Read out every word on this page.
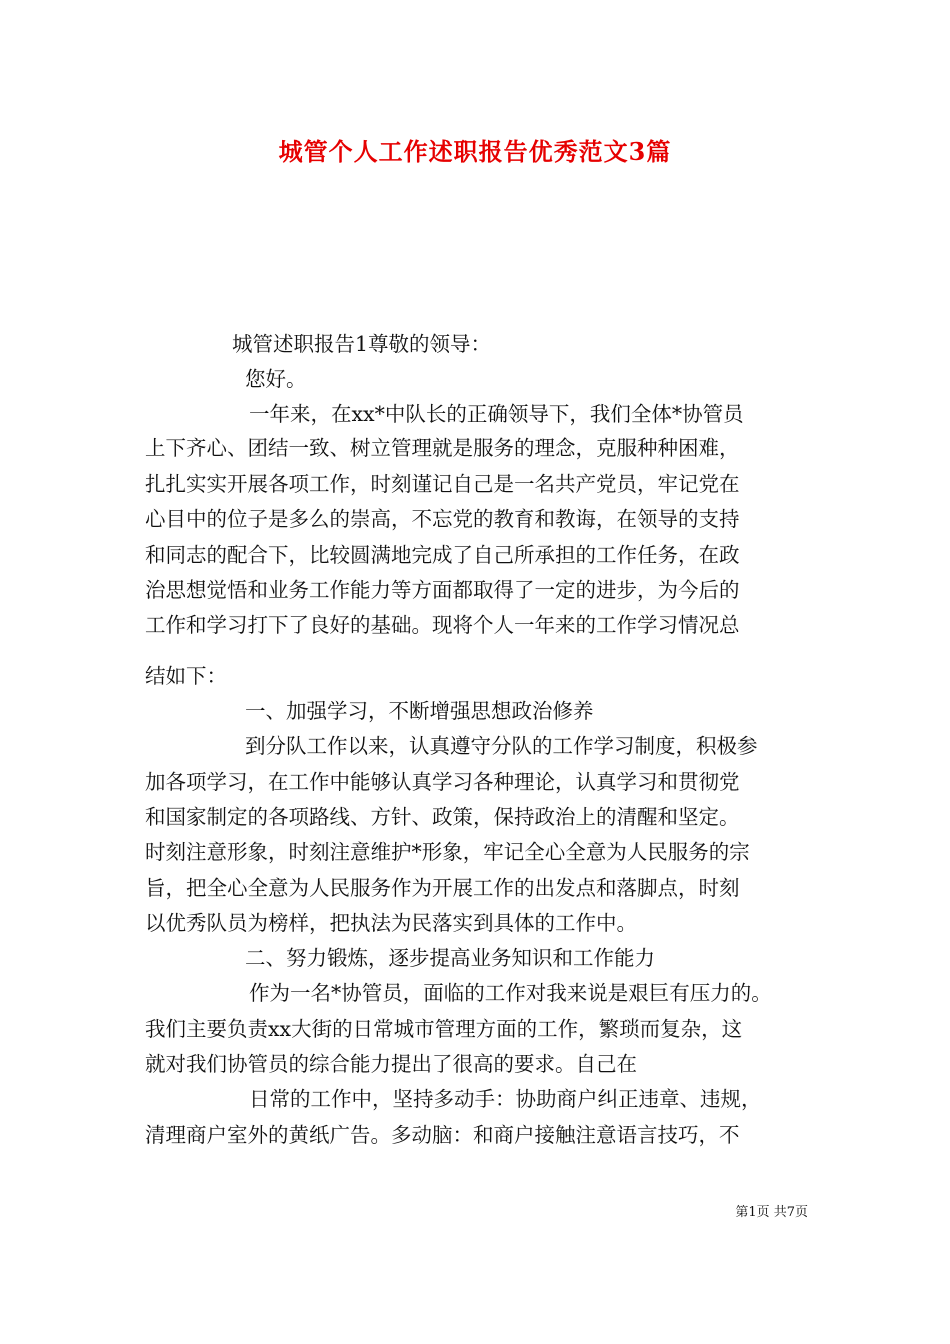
城管个人工作述职报告优秀范文3篇
城管述职报告1尊敬的领导：
您好。
一年来，在xx*中队长的正确领导下，我们全体*协管员
上下齐心、团结一致、树立管理就是服务的理念，克服种种困难，
扎扎实实开展各项工作，时刻谨记自己是一名共产党员，牢记党在
心目中的位子是多么的崇高，不忘党的教育和教诲，在领导的支持
和同志的配合下，比较圆满地完成了自己所承担的工作任务，在政
治思想觉悟和业务工作能力等方面都取得了一定的进步，为今后的
工作和学习打下了良好的基础。现将个人一年来的工作学习情况总
结如下：
一、加强学习，不断增强思想政治修养
到分队工作以来，认真遵守分队的工作学习制度，积极参
加各项学习，在工作中能够认真学习各种理论，认真学习和贯彻党
和国家制定的各项路线、方针、政策，保持政治上的清醒和坚定。
时刻注意形象，时刻注意维护*形象，牢记全心全意为人民服务的宗
旨，把全心全意为人民服务作为开展工作的出发点和落脚点，时刻
以优秀队员为榜样，把执法为民落实到具体的工作中。
二、努力锻炼，逐步提高业务知识和工作能力
作为一名*协管员，面临的工作对我来说是艰巨有压力的。
我们主要负责xx大街的日常城市管理方面的工作，繁琐而复杂，这
就对我们协管员的综合能力提出了很高的要求。自己在
日常的工作中，坚持多动手：协助商户纠正违章、违规，
清理商户室外的黄纸广告。多动脑：和商户接触注意语言技巧，不
第1页 共7页
